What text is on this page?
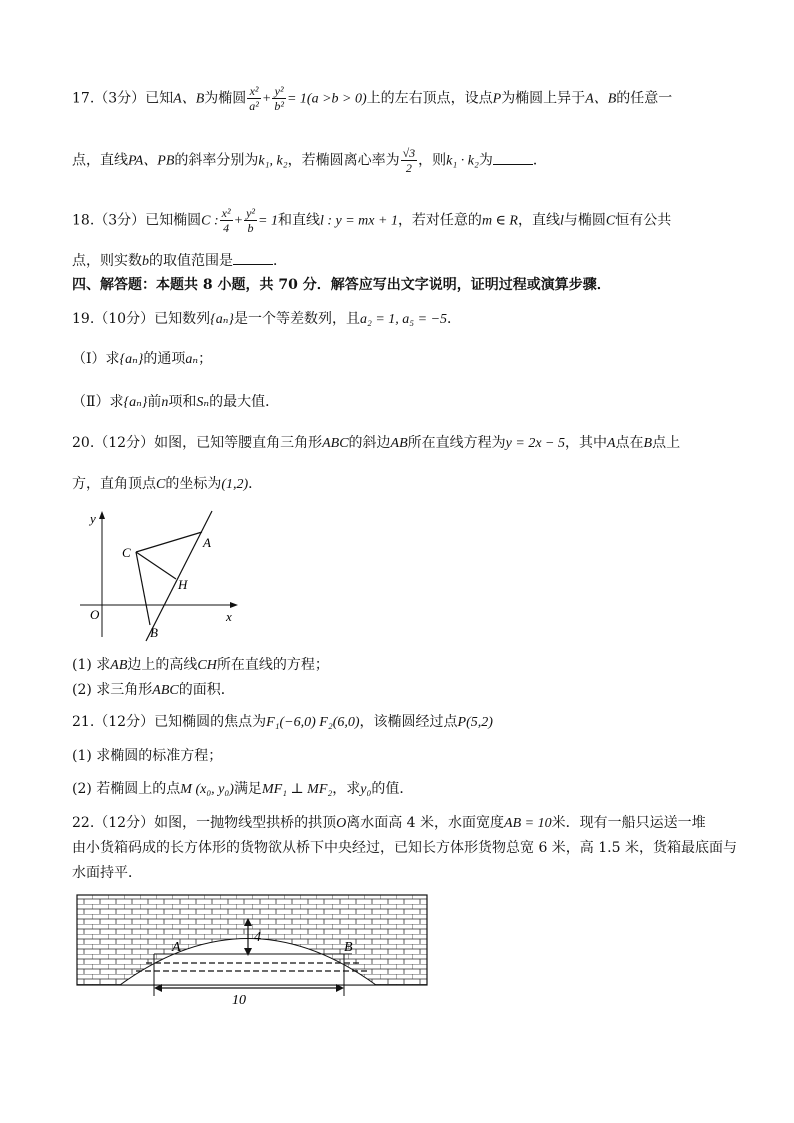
17.（3分）已知A、B为椭圆 $\frac{\text{x²}}{\text{a²}} + \frac{\text{y²}}{\text{b²}} = 1(a >b > 0)$上的左右顶点，设点P为椭圆上异于A、B的任意一
点，直线PA、PB的斜率分别为k₁, k₂，若椭圆离心率为 $\frac{√3}{2}$ ，则k₁ · k₂为	．
18.（3分）已知椭圆C : $\frac{\text{x²}}{4} + \frac{\text{y²}}{b} = 1$和直线l : y = mx + 1，若对任意的m ∈ R，直线l与椭圆C恒有公共
点，则实数b的取值范围是	．
四、解答题：本题共 8 小题，共 70 分．解答应写出文字说明，证明过程或演算步骤．
19.（10分）已知数列{aₙ}是一个等差数列，且a₂ = 1, a₅ = −5．
（Ⅰ）求{aₙ}的通项aₙ；
（Ⅱ）求{aₙ}前n项和Sₙ的最大值．
20.（12分）如图，已知等腰直角三角形ABC的斜边AB所在直线方程为y = 2x − 5，其中A点在B点上
方，直角顶点C的坐标为(1,2)．
y
x
O
A
B
C
H
(1) 求AB边上的高线CH所在直线的方程；
(2) 求三角形ABC的面积．
21.（12分）已知椭圆的焦点为F₁(−6,0) F₂(6,0)，该椭圆经过点P(5,2)
(1) 求椭圆的标准方程；
(2) 若椭圆上的点M (x₀, y₀)满足MF₁ ⊥ MF₂，求y₀的值．
22.（12分）如图，一抛物线型拱桥的拱顶O离水面高 4 米，水面宽度AB = 10米．现有一船只运送一堆
由小货箱码成的长方体形的货物欲从桥下中央经过，已知长方体形货物总宽 6 米，高 1.5 米，货箱最底面与
水面持平．
A	B
4
10
